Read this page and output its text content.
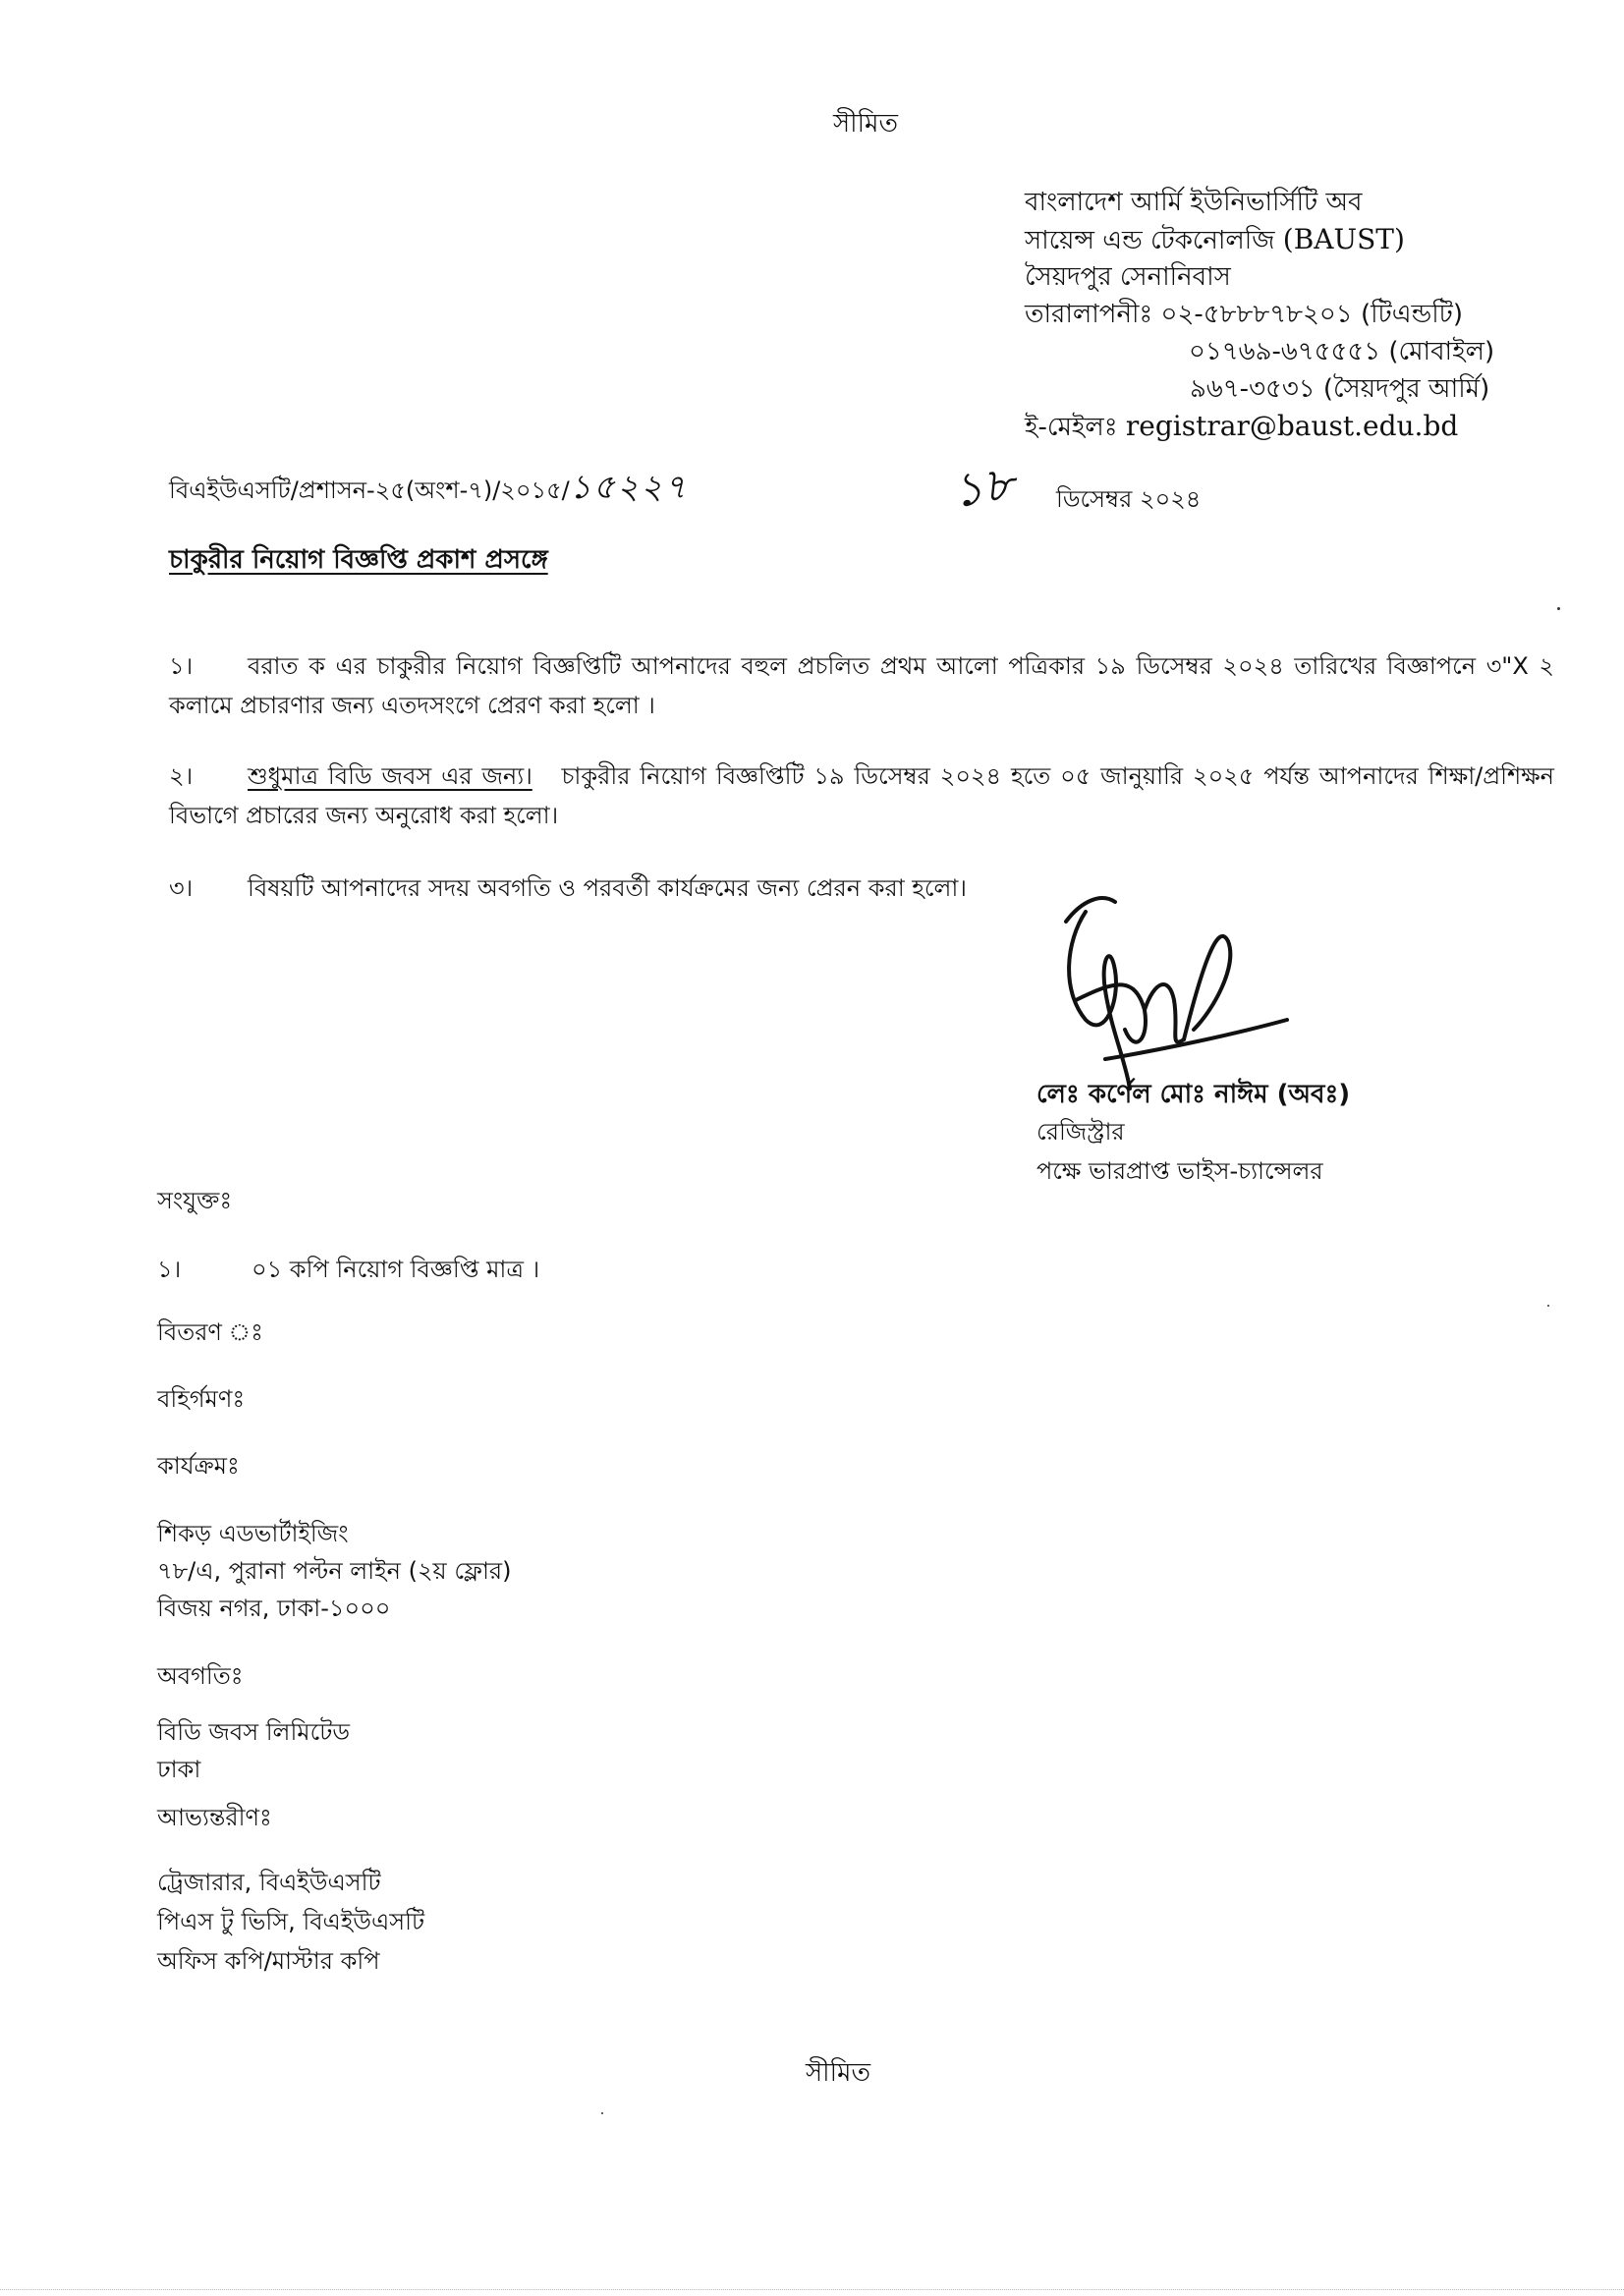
সীমিত
বাংলাদেশ আর্মি ইউনিভার্সিটি অব
সায়েন্স এন্ড টেকনোলজি (BAUST)
সৈয়দপুর সেনানিবাস
তারালাপনীঃ ০২-৫৮৮৮৭৮২০১ (টিএন্ডটি)
০১৭৬৯-৬৭৫৫৫১ (মোবাইল)
৯৬৭-৩৫৩১ (সৈয়দপুর আর্মি)
ই-মেইলঃ registrar@baust.edu.bd
বিএইউএসটি/প্রশাসন-২৫(অংশ-৭)/২০১৫/১৫২২৭	১৮ ডিসেম্বর ২০২৪
চাকুরীর নিয়োগ বিজ্ঞপ্তি প্রকাশ প্রসঙ্গে
১। বরাত ক এর চাকুরীর নিয়োগ বিজ্ঞপ্তিটি আপনাদের বহুল প্রচলিত প্রথম আলো পত্রিকার ১৯ ডিসেম্বর ২০২৪ তারিখের বিজ্ঞাপনে ৩"X ২ কলামে প্রচারণার জন্য এতদসংগে প্রেরণ করা হলো ।
২। শুধুমাত্র বিডি জবস এর জন্য। চাকুরীর নিয়োগ বিজ্ঞপ্তিটি ১৯ ডিসেম্বর ২০২৪ হতে ০৫ জানুয়ারি ২০২৫ পর্যন্ত আপনাদের শিক্ষা/প্রশিক্ষন বিভাগে প্রচারের জন্য অনুরোধ করা হলো।
৩। বিষয়টি আপনাদের সদয় অবগতি ও পরবর্তী কার্যক্রমের জন্য প্রেরন করা হলো।
লেঃ কর্ণেল মোঃ নাঈম (অবঃ)
রেজিস্ট্রার
পক্ষে ভারপ্রাপ্ত ভাইস-চ্যান্সেলর
সংযুক্তঃ
১।	০১ কপি নিয়োগ বিজ্ঞপ্তি মাত্র ।
বিতরণ ঃ
বহির্গমণঃ
কার্যক্রমঃ
শিকড় এডভার্টাইজিং
৭৮/এ, পুরানা পল্টন লাইন (২য় ফ্লোর)
বিজয় নগর, ঢাকা-১০০০
অবগতিঃ
বিডি জবস লিমিটেড
ঢাকা
আভ্যন্তরীণঃ
ট্রেজারার, বিএইউএসটি
পিএস টু ভিসি, বিএইউএসটি
অফিস কপি/মাস্টার কপি
সীমিত
